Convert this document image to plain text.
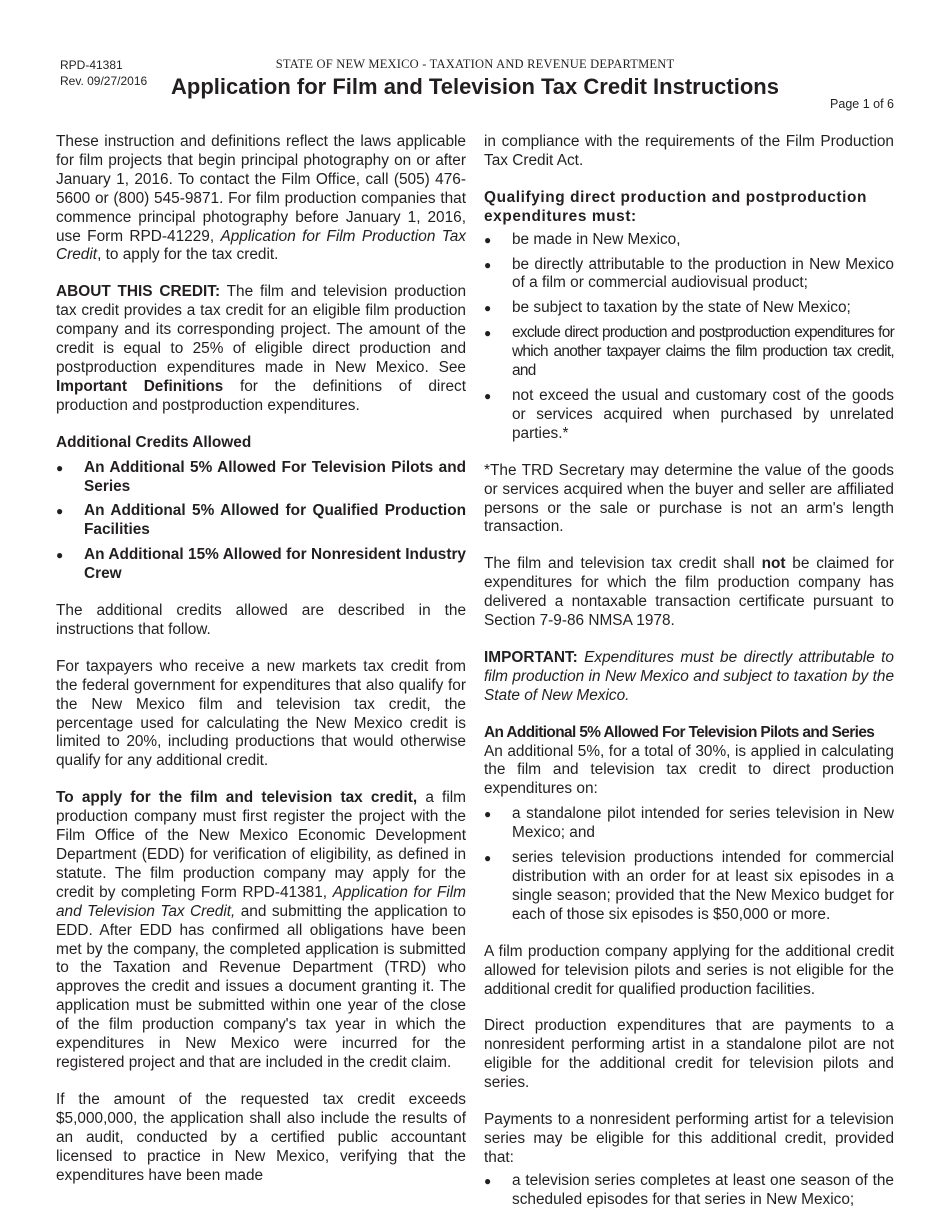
RPD-41381
Rev. 09/27/2016
STATE OF NEW MEXICO - TAXATION AND REVENUE DEPARTMENT
Application for Film and Television Tax Credit Instructions
Page 1 of 6

These instruction and definitions reflect the laws applicable for film projects that begin principal photography on or after January 1, 2016. To contact the Film Office, call (505) 476-5600 or (800) 545-9871. For film production companies that commence principal photography before January 1, 2016, use Form RPD-41229, Application for Film Production Tax Credit, to apply for the tax credit.

ABOUT THIS CREDIT: The film and television production tax credit provides a tax credit for an eligible film production company and its corresponding project. The amount of the credit is equal to 25% of eligible direct production and postproduction expenditures made in New Mexico. See Important Definitions for the definitions of direct production and postproduction expenditures.

Additional Credits Allowed
● An Additional 5% Allowed For Television Pilots and Series
● An Additional 5% Allowed for Qualified Production Facilities
● An Additional 15% Allowed for Nonresident Industry Crew

The additional credits allowed are described in the instructions that follow.

For taxpayers who receive a new markets tax credit from the federal government for expenditures that also qualify for the New Mexico film and television tax credit, the percentage used for calculating the New Mexico credit is limited to 20%, including productions that would otherwise qualify for any additional credit.

To apply for the film and television tax credit, a film production company must first register the project with the Film Office of the New Mexico Economic Development Department (EDD) for verification of eligibility, as defined in statute. The film production company may apply for the credit by completing Form RPD-41381, Application for Film and Television Tax Credit, and submitting the application to EDD. After EDD has confirmed all obligations have been met by the company, the completed application is submitted to the Taxation and Revenue Department (TRD) who approves the credit and issues a document granting it. The application must be submitted within one year of the close of the film production company's tax year in which the expenditures in New Mexico were incurred for the registered project and that are included in the credit claim.

If the amount of the requested tax credit exceeds $5,000,000, the application shall also include the results of an audit, conducted by a certified public accountant licensed to practice in New Mexico, verifying that the expenditures have been made

in compliance with the requirements of the Film Production Tax Credit Act.

Qualifying direct production and postproduction expenditures must:
● be made in New Mexico,
● be directly attributable to the production in New Mexico of a film or commercial audiovisual product;
● be subject to taxation by the state of New Mexico;
● exclude direct production and postproduction expenditures for which another taxpayer claims the film production tax credit, and
● not exceed the usual and customary cost of the goods or services acquired when purchased by unrelated parties.*

*The TRD Secretary may determine the value of the goods or services acquired when the buyer and seller are affiliated persons or the sale or purchase is not an arm's length transaction.

The film and television tax credit shall not be claimed for expenditures for which the film production company has delivered a nontaxable transaction certificate pursuant to Section 7-9-86 NMSA 1978.

IMPORTANT: Expenditures must be directly attributable to film production in New Mexico and subject to taxation by the State of New Mexico.

An Additional 5% Allowed For Television Pilots and Series

An additional 5%, for a total of 30%, is applied in calculating the film and television tax credit to direct production expenditures on:

● a standalone pilot intended for series television in New Mexico; and
● series television productions intended for commercial distribution with an order for at least six episodes in a single season; provided that the New Mexico budget for each of those six episodes is $50,000 or more.

A film production company applying for the additional credit allowed for television pilots and series is not eligible for the additional credit for qualified production facilities.

Direct production expenditures that are payments to a nonresident performing artist in a standalone pilot are not eligible for the additional credit for television pilots and series.

Payments to a nonresident performing artist for a television series may be eligible for this additional credit, provided that:

● a television series completes at least one season of the scheduled episodes for that series in New Mexico;
